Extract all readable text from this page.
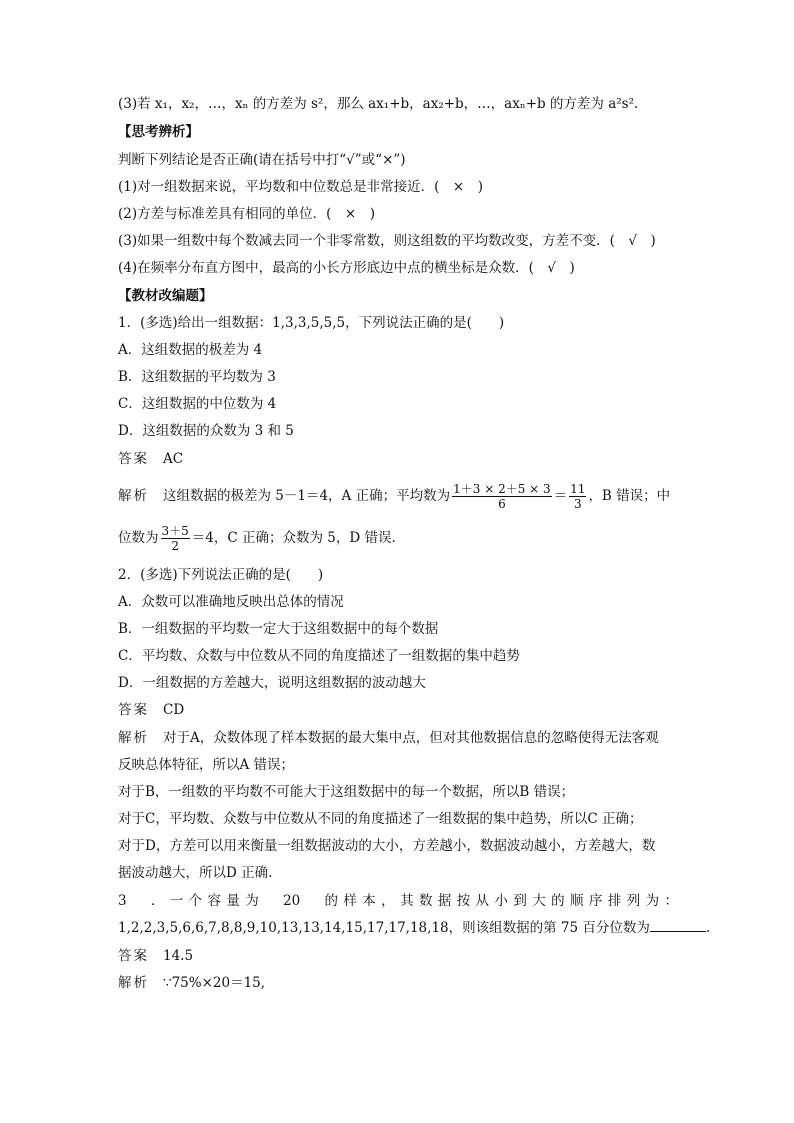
(3)若 x₁，x₂，…，xₙ 的方差为 s²，那么 ax₁+b，ax₂+b，…，axₙ+b 的方差为 a²s².
【思考辨析】
判断下列结论是否正确(请在括号中打“√”或“×”)
(1)对一组数据来说，平均数和中位数总是非常接近．(　×　)
(2)方差与标准差具有相同的单位．(　×　)
(3)如果一组数中每个数减去同一个非零常数，则这组数的平均数改变，方差不变．(　√　)
(4)在频率分布直方图中，最高的小长方形底边中点的横坐标是众数．(　√　)
【教材改编题】
1．(多选)给出一组数据：1,3,3,5,5,5，下列说法正确的是(　　)
A．这组数据的极差为 4
B．这组数据的平均数为 3
C．这组数据的中位数为 4
D．这组数据的众数为 3 和 5
答案 AC
解析 这组数据的极差为 5－1＝4，A 正确；平均数为 $\frac{1+3 \times 2+5 \times 3}{6} = \frac{11}{3}$ ，B 错误；中
位数为 $\frac{3+5}{2} =4$，C 正确；众数为 5，D 错误.
2．(多选)下列说法正确的是(　　)
A．众数可以准确地反映出总体的情况
B．一组数据的平均数一定大于这组数据中的每个数据
C．平均数、众数与中位数从不同的角度描述了一组数据的集中趋势
D．一组数据的方差越大，说明这组数据的波动越大
答案 CD
解析 对于A，众数体现了样本数据的最大集中点，但对其他数据信息的忽略使得无法客观
反映总体特征，所以A 错误；
对于B，一组数的平均数不可能大于这组数据中的每一个数据，所以B 错误；
对于C，平均数、众数与中位数从不同的角度描述了一组数据的集中趋势，所以C 正确；
对于D，方差可以用来衡量一组数据波动的大小，方差越小，数据波动越小，方差越大，数
据波动越大，所以D 正确.
3　．一个容量为　20　的样本，其数据按从小到大的顺序排列为：
1,2,2,3,5,6,6,7,8,8,9,10,13,13,14,15,17,17,18,18，则该组数据的第 75 百分位数为	.
答案 14.5
解析 ∵75%×20＝15,
